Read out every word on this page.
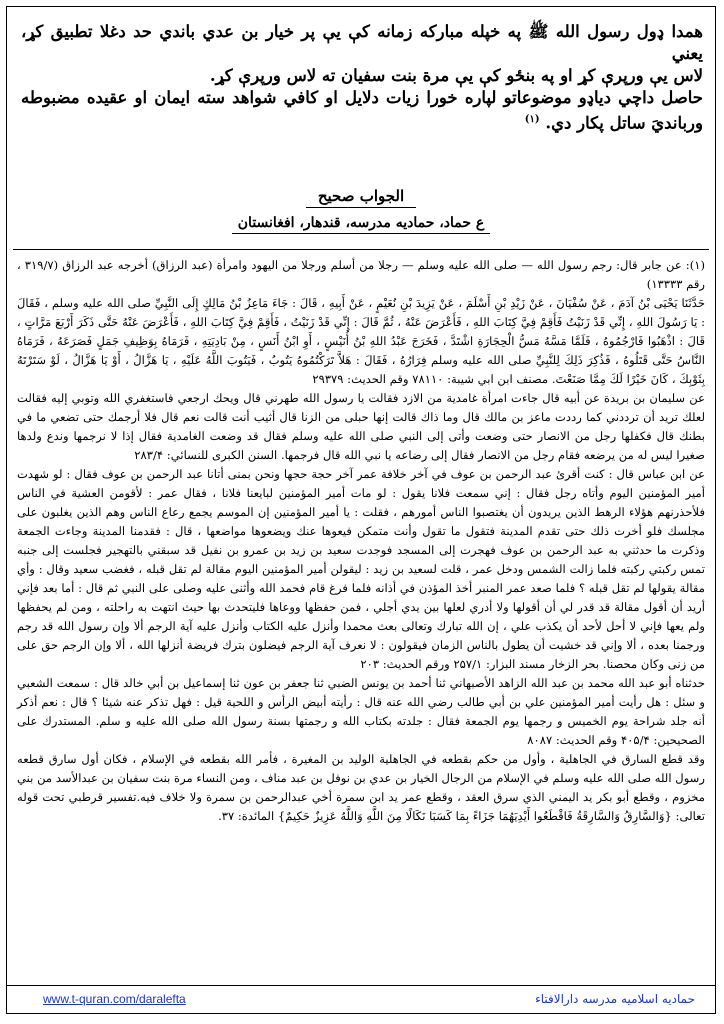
همدا ډول رسول الله ﷺ په خپله مبارکه زمانه کې یې پر خیار بن عدي باندي حد دغلا تطبیق کړ، یعني

لاس یې ورپرې کړ او په بنځو کې یې مرة بنت سفیان ته لاس ورپرې کړ.

حاصل داچي دیاډو موضوعاتو لپاره خورا زیات دلایل او کافي شواهد سته ایمان او عقیده مضبوطه وربانديَ ساتل پکار دي. $^{(۱)}$

الجواب صحیح
ع حماد، حمادیه مدرسه، قندهار، افغانستان

(۱): عن جابر قال: رجم رسول الله — صلى الله عليه وسلم — رجلا من أسلم ورجلا من اليهود وامرأة (عبد الرزاق) أخرجه عبد الرزاق (۳۱۹/۷ ، رقم ۱۳۳۳۳)

حَدَّثَنَا يَحْيَى بْنُ آدَمَ ، عَنْ سُفْيَانَ ، عَنْ زَيْدِ بْنِ أَسْلَمَ ، عَنْ يَزِيدَ بْنِ نُعَيْمٍ ، عَنْ أَبِيهِ ، قَالَ : جَاءَ مَاعِزُ بْنُ مَالِكٍ إِلَى النَّبِيِّ صلى الله عليه وسلم ، فَقَالَ : يَا رَسُولَ اللهِ ، إِنِّي قَدْ زَنَيْتُ فَأَقِمْ فِيَّ كِتَابَ اللهِ ، فَأَعْرَضَ عَنْهُ ، ثُمَّ قَالَ : إِنِّي قَدْ زَنَيْتُ ، فَأَقِمْ فِيَّ كِتَابَ اللهِ ، فَأَعْرَضَ عَنْهُ حَتَّى ذَكَرَ أَرْبَعَ مَرَّاتٍ ، قَالَ : اذْهَبُوا فَارْجُمُوهُ ، فَلَمَّا مَسَّهُ مَسُّ الْحِجَارَةِ اشْتَدَّ ، فَخَرَجَ عَبْدُ اللهِ بْنُ أُنَيْسٍ ، أَوِ ابْنُ أَنَسٍ ، مِنْ بَادِيَتِهِ ، فَرَمَاهُ بِوَظِيفِ جَمَلٍ فَصَرَعَهُ ، فَرَمَاهُ النَّاسُ حَتَّى قَتَلُوهُ ، فَذُكِرَ ذَلِكَ لِلنَّبِيِّ صلى الله عليه وسلم فِرَارُهُ ، فَقَالَ : هَلاَّ تَرَكْتُمُوهُ يَتُوبُ ، فَيَتُوبَ اللَّهُ عَلَيْهِ ، يَا هَزَّالُ ، أَوْ يَا هَزَّالُ ، لَوْ سَتَرْتَهُ بِثَوْبِكَ ، كَانَ خَيْرًا لَكَ مِمَّا صَنَعْتَ. مصنف ابن ابي شيبة: ۷۸۱۱۰ وقم الحديث: ۲۹۳۷۹

عن سليمان بن بريدة عن أبيه قال جاءت امرأة غامدية من الازد فقالت يا رسول الله طهرني قال ويحك ارجعي فاستغفري الله وتوبي إليه فقالت لعلك تريد أن ترددني كما رددت ماعز بن مالك قال وما ذاك قالت إنها حبلى من الزنا قال أثيب أنت قالت نعم قال فلا أرجمك حتى تضعي ما في بطنك قال فكفلها رجل من الانصار حتى وضعت وأتى إلى النبي صلى الله عليه وسلم فقال قد وضعت الغامدية فقال إذا لا نرجمها وندع ولدها صغيرا ليس له من يرضعه فقام رجل من الانصار فقال إلى رضاعه يا نبي الله قال فرجمها. السنن الكبرى للنسائي: ۲۸۳/۴

عن ابن عباس قال : كنت أقرئ عبد الرحمن بن عوف في آخر خلافة عمر آخر حجة حجها ونحن بمنى أتانا عبد الرحمن بن عوف فقال : لو شهدت أمير المؤمنين اليوم وأتاه رجل فقال : إني سمعت فلانا يقول : لو مات أمير المؤمنين لبايعنا فلانا ، فقال عمر : لأقومن العشية في الناس فلأحذرنهم هؤلاء الرهط الذين يريدون أن يغتصبوا الناس أمورهم ، فقلت : يا أمير المؤمنين إن الموسم يجمع رعاع الناس وهم الذين يغلبون على مجلسك فلو أخرت ذلك حتى تقدم المدينة فتقول ما تقول وأنت متمكن فيعوها عنك ويضعوها مواضعها ، قال : فقدمنا المدينة وجاءت الجمعة وذكرت ما حدثني به عبد الرحمن بن عوف فهجرت إلى المسجد فوجدت سعيد بن زيد بن عمرو بن نفيل قد سبقني بالتهجير فجلست إلى جنبه تمس ركبتي ركبته فلما زالت الشمس ودخل عمر ، قلت لسعيد بن زيد : ليقولن أمير المؤمنين اليوم مقالة لم تقل قبله ، فغضب سعيد وقال : وأي مقالة يقولها لم تقل قبله ؟ فلما صعد عمر المنبر أخذ المؤذن في أذانه فلما فرغ قام فحمد الله وأثنى عليه وصلى على النبي ثم قال : أما بعد فإني أريد أن أقول مقالة قد قدر لي أن أقولها ولا أدري لعلها بين يدي أجلي ، فمن حفظها ووعاها فليتحدث بها حيث انتهت به راحلته ، ومن لم يحفظها ولم يعها فإني لا أحل لأحد أن يكذب علي ، إن الله تبارك وتعالى بعث محمدا وأنزل عليه الكتاب وأنزل عليه آية الرجم ألا وإن رسول الله قد رجم ورجمنا بعده ، ألا وإني قد خشيت أن يطول بالناس الزمان فيقولون : لا نعرف آية الرجم فيضلون بترك فريضة أنزلها الله ، ألا وإن الرجم حق على من زنى وكان محصنا. بحر الزخار مسند البزار: ۲۵۷/۱ ورقم الحديث: ۲۰۳

حدثناه أبو عبد الله محمد بن عبد الله الزاهد الأصبهاني ثنا أحمد بن يونس الضبي ثنا جعفر بن عون ثنا إسماعيل بن أبي خالد قال : سمعت الشعبي و سئل : هل رأيت أمير المؤمنين علي بن أبي طالب رضي الله عنه قال : رأيته أبيض الرأس و اللحية قيل : فهل تذكر عنه شيئا ؟ قال : نعم أذكر أنه جلد شراحة يوم الخميس و رجمها يوم الجمعة فقال : جلدته بكتاب الله و رجمتها بسنة رسول الله صلى الله عليه و سلم. المستدرك على الصحيحين: ۴۰۵/۴ وقم الحديث: ۸۰۸۷

وقد قطع السارق في الجاهلية ، وأول من حكم بقطعه في الجاهلية الوليد بن المغيرة ، فأمر الله بقطعه في الإسلام ، فكان أول سارق قطعه رسول الله صلى الله عليه وسلم في الإسلام من الرجال الخيار بن عدي بن نوفل بن عبد مناف ، ومن النساء مرة بنت سفيان بن عبدالأسد من بني مخزوم ، وقطع أبو بكر يد اليمني الذي سرق العقد ، وقطع عمر يد ابن سمرة أخي عبدالرحمن بن سمرة ولا خلاف فيه.تفسير قرطبي تحت قوله تعالى: {وَالسَّارِقُ وَالسَّارِقَةُ فَاقْطَعُوا أَيْدِيَهُمَا جَزَاءً بِمَا كَسَبَا نَكَالًا مِنَ اللَّهِ وَاللَّهُ عَزِيزٌ حَكِيمٌ} المائدة: ۳۷.

www.t-quran.com/daralefta	حمادیه اسلامیه مدرسه دارالافتاء
